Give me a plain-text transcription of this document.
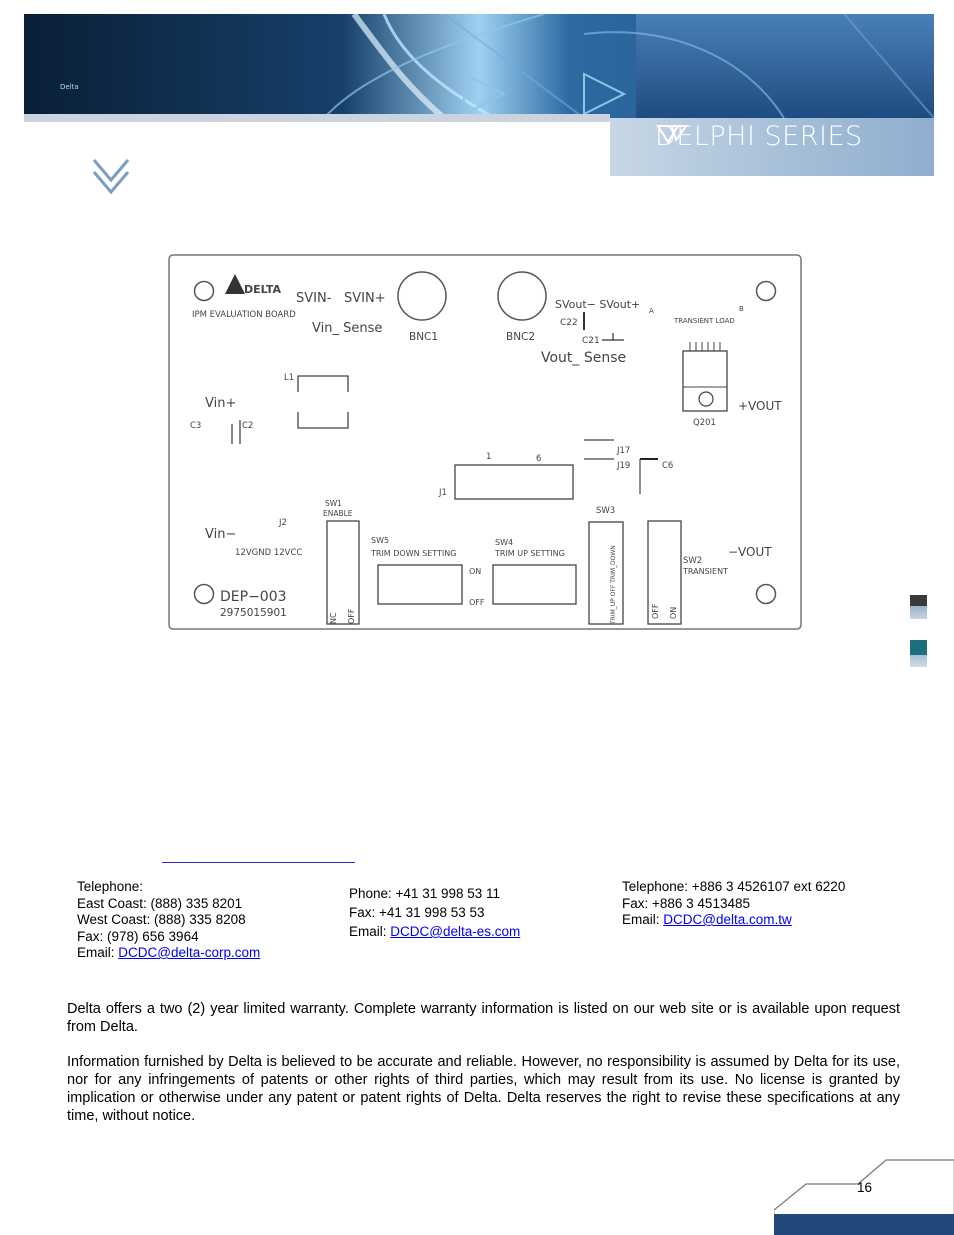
Delta
DELPHI SERIES
DELTA
IPM EVALUATION BOARD
SVIN- SVIN+
Vin_ Sense
BNC1	BNC2
SVout− SVout+ A	B
C22
C21
TRANSIENT LOAD
Vout_ Sense
L1
Vin+
C3	C2
+VOUT
Q201
J17
J19	C6
1	6
J1
SW1
ENABLE
NC OFF
SW3
TRIM_UP OFF TRIM_DOWN	OFF ON
J2
Vin−
12VGND 12VCC
SW5
TRIM DOWN SETTING
ON
OFF
SW4
TRIM UP SETTING
SW2
TRANSIENT
−VOUT
DEP−003
2975015901
Telephone:
East Coast: (888) 335 8201
West Coast: (888) 335 8208
Fax: (978) 656 3964
Email: DCDC@delta-corp.com
Phone: +41 31 998 53 11
Fax: +41 31 998 53 53
Email: DCDC@delta-es.com
Telephone: +886 3 4526107 ext 6220
Fax: +886 3 4513485
Email: DCDC@delta.com.tw
Delta offers a two (2) year limited warranty. Complete warranty information is listed on our web site or is available upon request from Delta.
Information furnished by Delta is believed to be accurate and reliable. However, no responsibility is assumed by Delta for its use, nor for any infringements of patents or other rights of third parties, which may result from its use. No license is granted by implication or otherwise under any patent or patent rights of Delta. Delta reserves the right to revise these specifications at any time, without notice.
16
